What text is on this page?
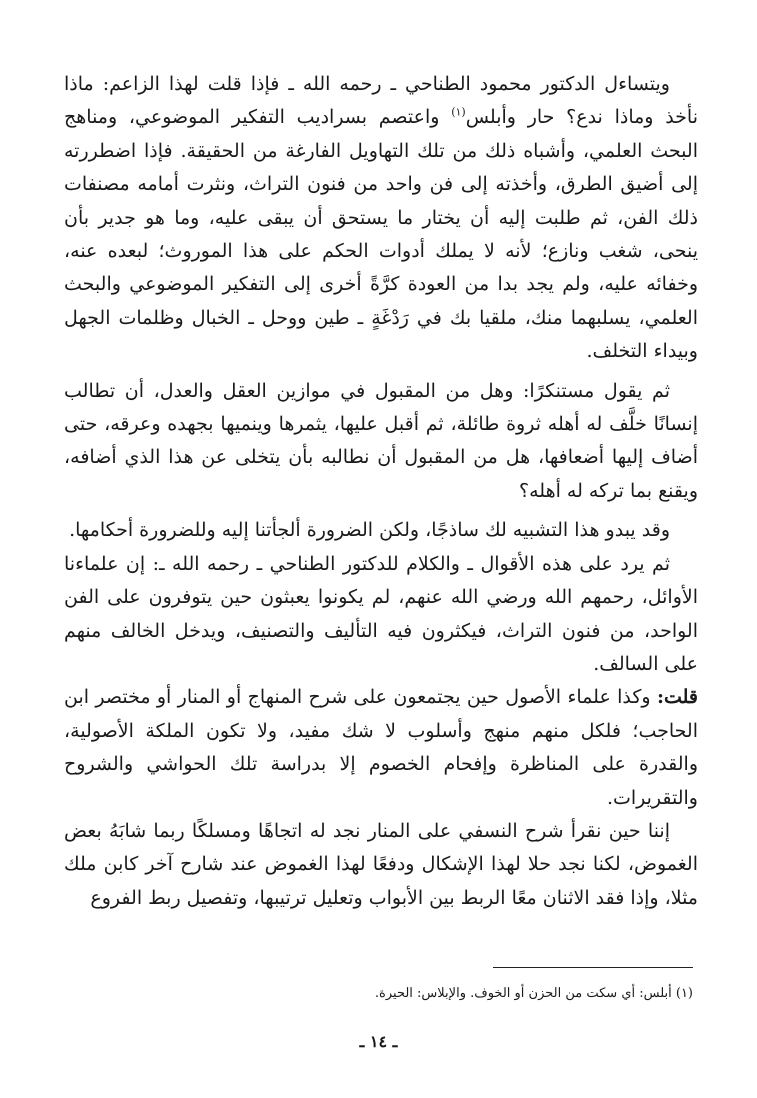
ويتساءل الدكتور محمود الطناحي ـ رحمه الله ـ فإذا قلت لهذا الزاعم: ماذا نأخذ وماذا ندع؟ حار وأبلس$^{(١)}$ واعتصم بسراديب التفكير الموضوعي، ومناهج البحث العلمي، وأشباه ذلك من تلك التهاويل الفارغة من الحقيقة. فإذا اضطررته إلى أضيق الطرق، وأخذته إلى فن واحد من فنون التراث، ونثرت أمامه مصنفات ذلك الفن، ثم طلبت إليه أن يختار ما يستحق أن يبقى عليه، وما هو جدير بأن ينحى، شغب ونازع؛ لأنه لا يملك أدوات الحكم على هذا الموروث؛ لبعده عنه، وخفائه عليه، ولم يجد بدا من العودة كرَّةً أخرى إلى التفكير الموضوعي والبحث العلمي، يسلبهما منك، ملقيا بك في رَدْغَةٍ ـ طين ووحل ـ الخبال وظلمات الجهل وبيداء التخلف.

ثم يقول مستنكرًا: وهل من المقبول في موازين العقل والعدل، أن تطالب إنسانًا خلَّف له أهله ثروة طائلة، ثم أقبل عليها، يثمرها وينميها بجهده وعرقه، حتى أضاف إليها أضعافها، هل من المقبول أن نطالبه بأن يتخلى عن هذا الذي أضافه، ويقنع بما تركه له أهله؟

وقد يبدو هذا التشبيه لك ساذجًا، ولكن الضرورة ألجأتنا إليه وللضرورة أحكامها.

ثم يرد على هذه الأقوال ـ والكلام للدكتور الطناحي ـ رحمه الله ـ: إن علماءنا الأوائل، رحمهم الله ورضي الله عنهم، لم يكونوا يعبثون حين يتوفرون على الفن الواحد، من فنون التراث، فيكثرون فيه التأليف والتصنيف، ويدخل الخالف منهم على السالف.

قلت: وكذا علماء الأصول حين يجتمعون على شرح المنهاج أو المنار أو مختصر ابن الحاجب؛ فلكل منهم منهج وأسلوب لا شك مفيد، ولا تكون الملكة الأصولية، والقدرة على المناظرة وإفحام الخصوم إلا بدراسة تلك الحواشي والشروح والتقريرات.

إننا حين نقرأ شرح النسفي على المنار نجد له اتجاهًا ومسلكًا ربما شابَهُ بعض الغموض، لكنا نجد حلا لهذا الإشكال ودفعًا لهذا الغموض عند شارح آخر كابن ملك مثلا، وإذا فقد الاثنان معًا الربط بين الأبواب وتعليل ترتيبها، وتفصيل ربط الفروع

(١) أبلس: أي سكت من الحزن أو الخوف. والإبلاس: الحيرة.
ـ ١٤ ـ
